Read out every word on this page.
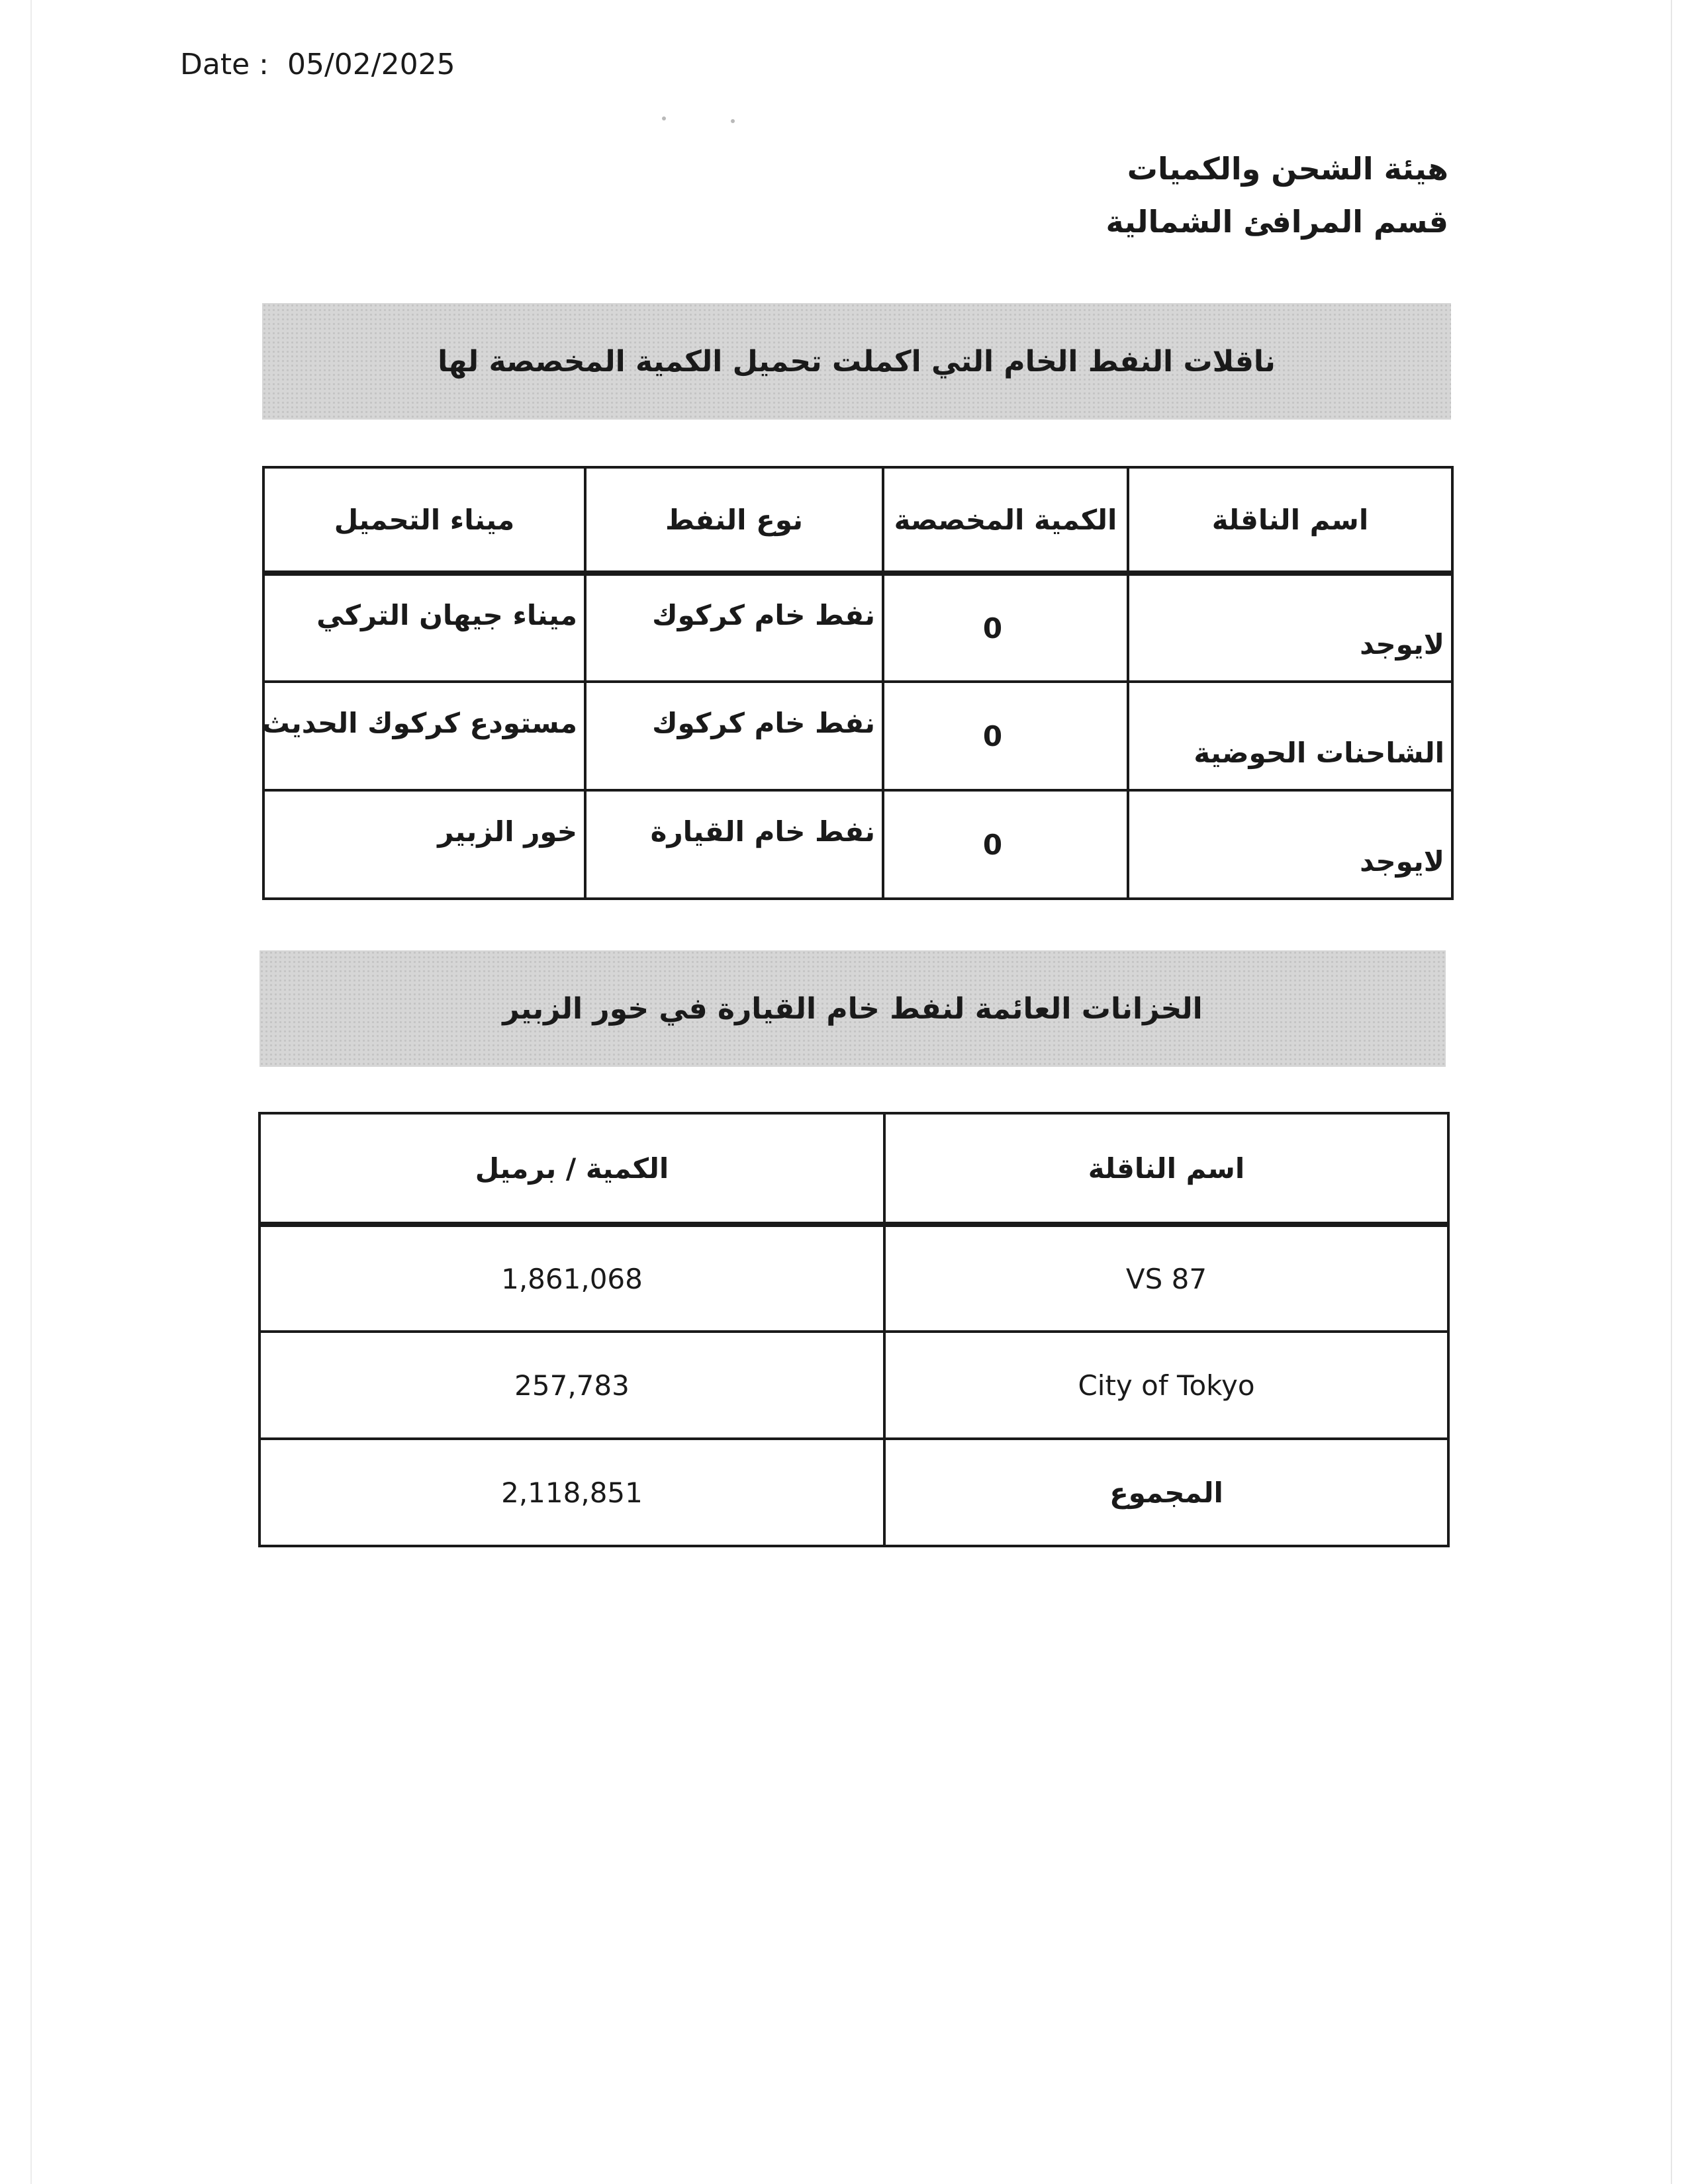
Date : 05/02/2025
هيئة الشحن والكميات
قسم المرافئ الشمالية
ناقلات النفط الخام التي اكملت تحميل الكمية المخصصة لها
اسم الناقلة	الكمية المخصصة	نوع النفط	ميناء التحميل
لايوجد	0	نفط خام كركوك	ميناء جيهان التركي
الشاحنات الحوضية	0	نفط خام كركوك	مستودع كركوك الحديث
لايوجد	0	نفط خام القيارة	خور الزبير
الخزانات العائمة لنفط خام القيارة في خور الزبير
اسم الناقلة	الكمية / برميل
VS 87	1,861,068
City of Tokyo	257,783
المجموع	2,118,851
